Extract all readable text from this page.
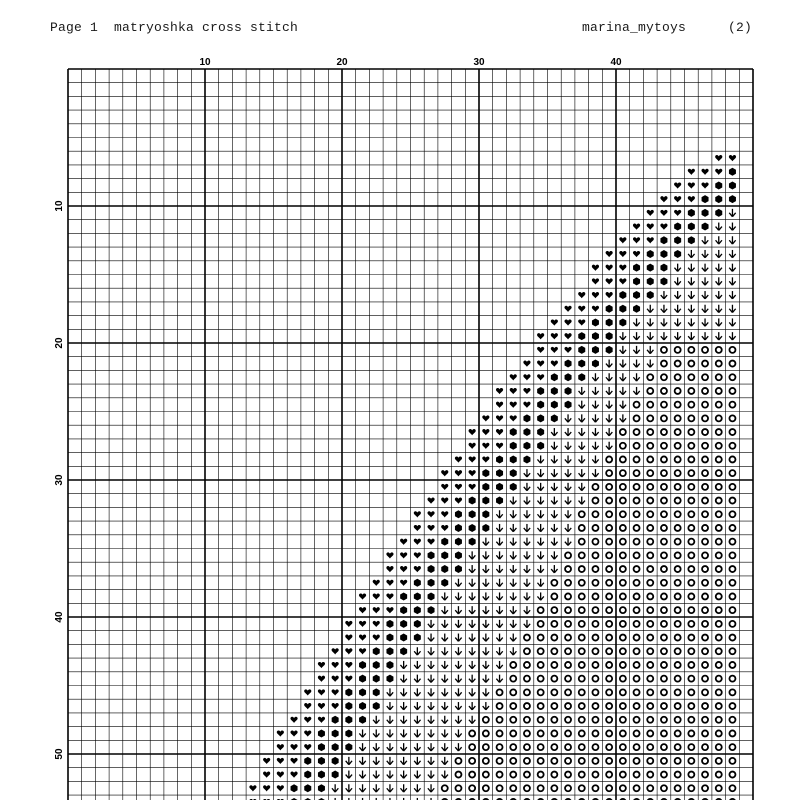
Page 1 matryoshka cross stitch	marina_mytoys	(2)
10	20	30	40
10
20
30
40
50
